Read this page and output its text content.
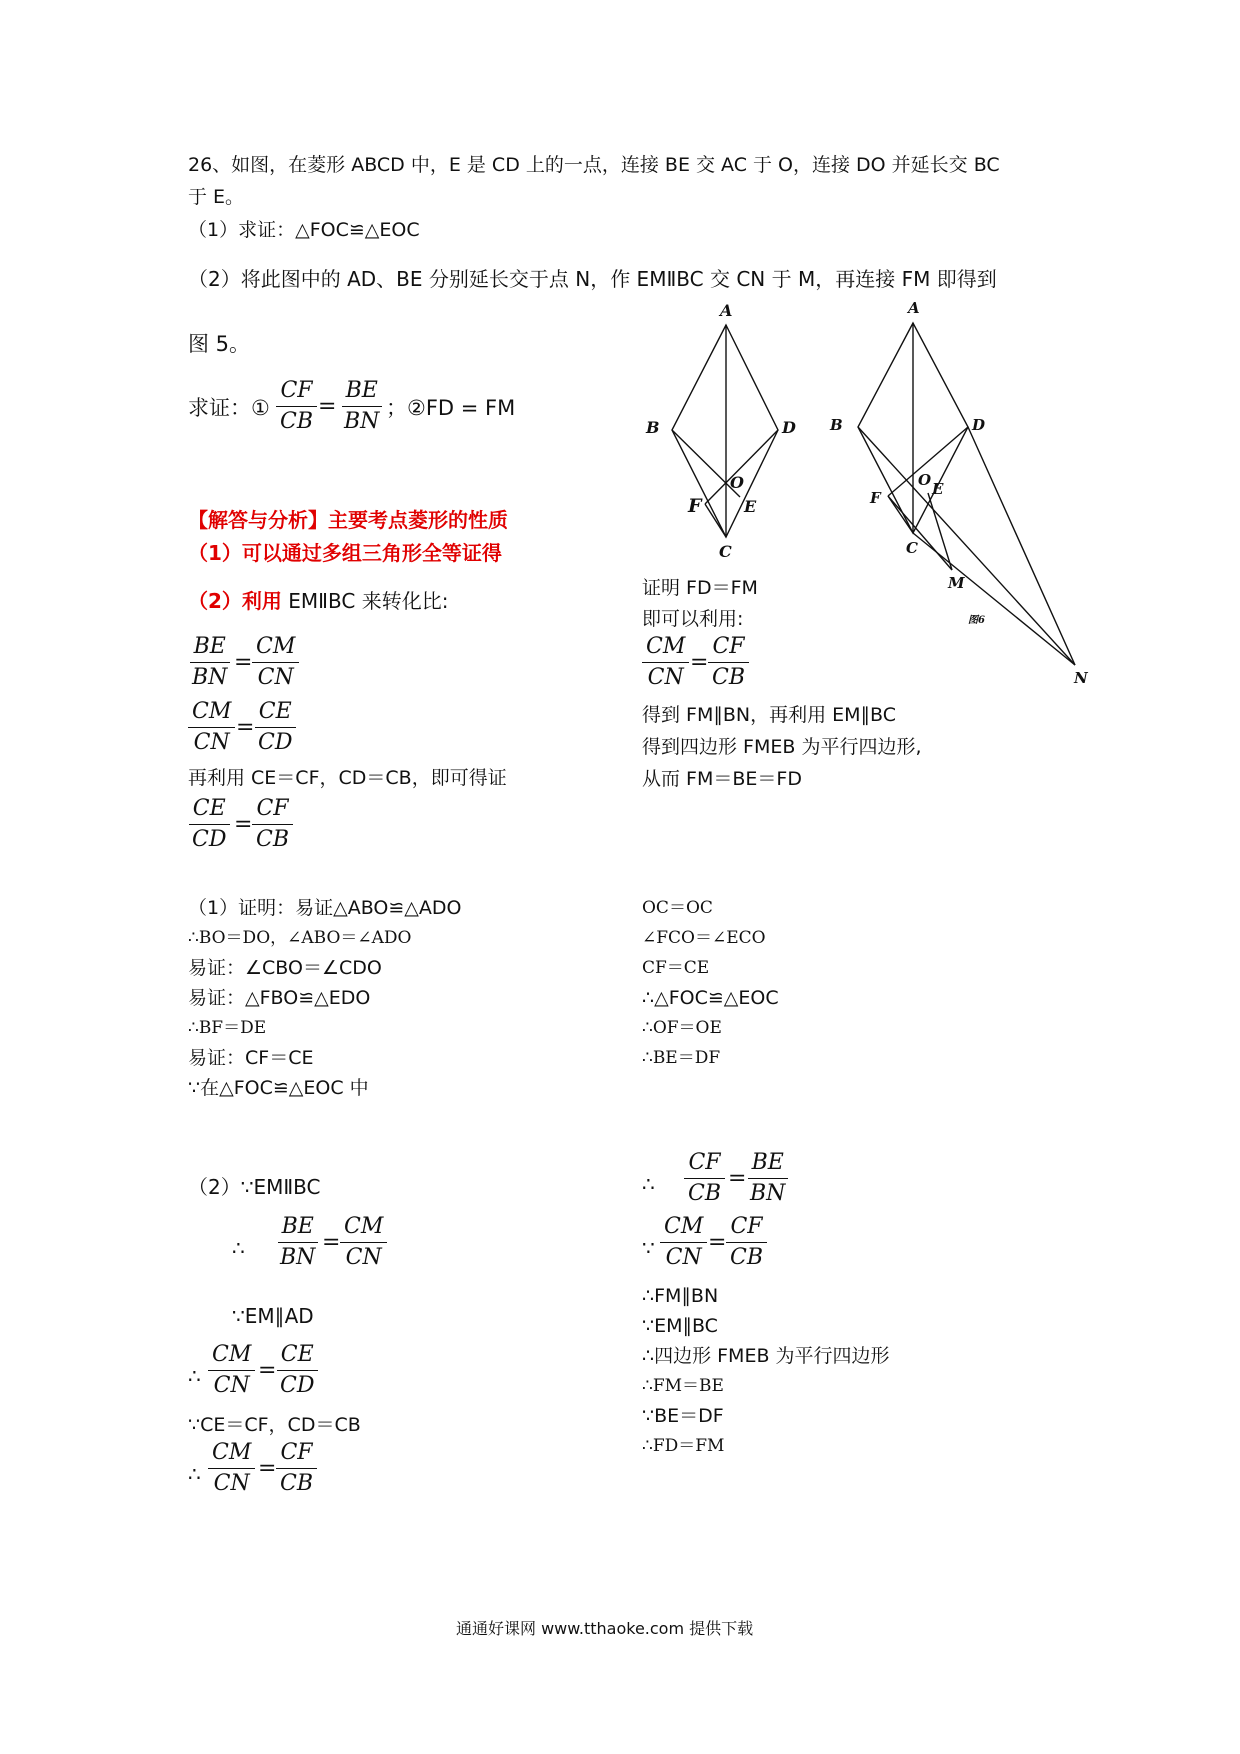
26、如图，在菱形 ABCD 中，E 是 CD 上的一点，连接 BE 交 AC 于 O，连接 DO 并延长交 BC
于 E。
（1）求证：△FOC≌△EOC
（2）将此图中的 AD、BE 分别延长交于点 N，作 EMⅡBC 交 CN 于 M，再连接 FM 即得到
图 5。
求证：① $\frac{CF}{CB} = \frac{BE}{BN}$ ；②FD = FM
【解答与分析】主要考点菱形的性质
（1）可以通过多组三角形全等证得
（2）利用 EMⅡBC 来转化比:
$\frac{BE}{BN} = \frac{CM}{CN}$
$\frac{CM}{CN} = \frac{CE}{CD}$
再利用 CE＝CF，CD＝CB，即可得证
$\frac{CE}{CD} = \frac{CF}{CB}$
证明 FD＝FM
即可以利用:
$\frac{CM}{CN} = \frac{CF}{CB}$
得到 FM∥BN，再利用 EM∥BC
得到四边形 FMEB 为平行四边形,
从而 FM＝BE＝FD
A
B	D
O
E
F
C
A
B	D
O E
F
C
M
N
图6
（1）证明：易证△ABO≌△ADO
∴BO＝DO，∠ABO＝∠ADO
易证：∠CBO＝∠CDO
易证：△FBO≌△EDO
∴BF＝DE
易证：CF＝CE
∵在△FOC≌△EOC 中
OC＝OC
∠FCO＝∠ECO
CF＝CE
∴△FOC≌△EOC
∴OF＝OE
∴BE＝DF
（2）∵EMⅡBC
∴ $\frac{BE}{BN} = \frac{CM}{CN}$
∵EM∥AD
∴ $\frac{CM}{CN} = \frac{CE}{CD}$
∵CE＝CF，CD＝CB
∴ $\frac{CM}{CN} = \frac{CF}{CB}$
∴ $\frac{CF}{CB} = \frac{BE}{BN}$
∵ $\frac{CM}{CN} = \frac{CF}{CB}$
∴FM∥BN
∵EM∥BC
∴四边形 FMEB 为平行四边形
∴FM＝BE
∵BE＝DF
∴FD＝FM
通通好课网 www.tthaoke.com 提供下载
